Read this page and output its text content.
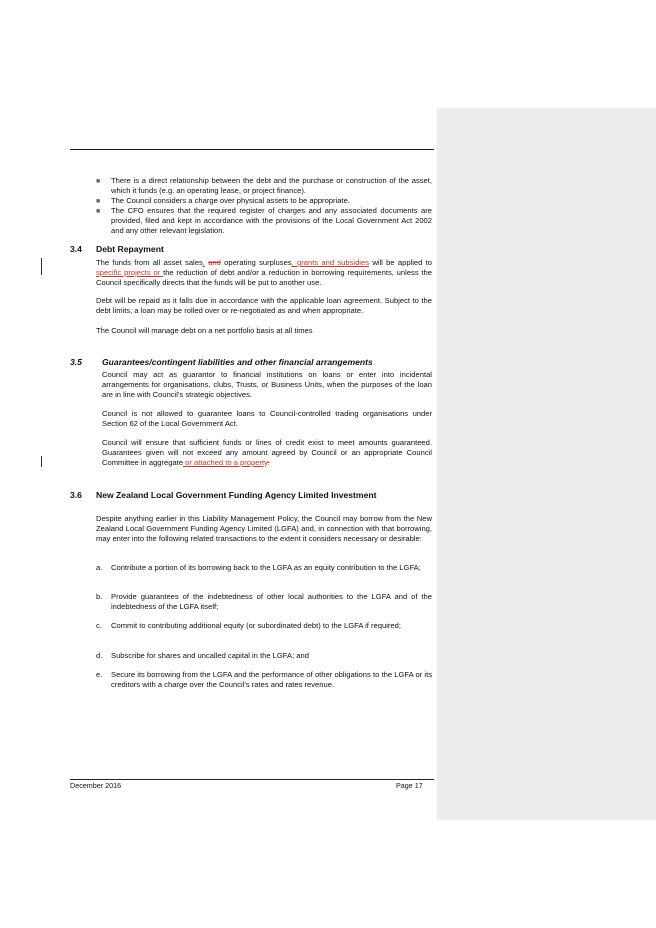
■ There is a direct relationship between the debt and the purchase or construction of the asset, which it funds (e.g. an operating lease, or project finance).
■ The Council considers a charge over physical assets to be appropriate.
■ The CFO ensures that the required register of charges and any associated documents are provided, filed and kept in accordance with the provisions of the Local Government Act 2002 and any other relevant legislation.
3.4 Debt Repayment
The funds from all asset sales, and operating surpluses, grants and subsidies will be applied to specific projects or the reduction of debt and/or a reduction in borrowing requirements, unless the Council specifically directs that the funds will be put to another use.
Debt will be repaid as it falls due in accordance with the applicable loan agreement. Subject to the debt limits, a loan may be rolled over or re-negotiated as and when appropriate.
The Council will manage debt on a net portfolio basis at all times
3.5 Guarantees/contingent liabilities and other financial arrangements
Council may act as guarantor to financial institutions on loans or enter into incidental arrangements for organisations, clubs, Trusts, or Business Units, when the purposes of the loan are in line with Council's strategic objectives.
Council is not allowed to guarantee loans to Council-controlled trading organisations under Section 62 of the Local Government Act.
Council will ensure that sufficient funds or lines of credit exist to meet amounts guaranteed. Guarantees given will not exceed any amount agreed by Council or an appropriate Council Committee in aggregate or attached to a property.
3.6 New Zealand Local Government Funding Agency Limited Investment
Despite anything earlier in this Liability Management Policy, the Council may borrow from the New Zealand Local Government Funding Agency Limited (LGFA) and, in connection with that borrowing, may enter into the following related transactions to the extent it considers necessary or desirable:
a. Contribute a portion of its borrowing back to the LGFA as an equity contribution to the LGFA;
b. Provide guarantees of the indebtedness of other local authorities to the LGFA and of the indebtedness of the LGFA itself;
c. Commit to contributing additional equity (or subordinated debt) to the LGFA if required;
d. Subscribe for shares and uncalled capital in the LGFA; and
e. Secure its borrowing from the LGFA and the performance of other obligations to the LGFA or its creditors with a charge over the Council's rates and rates revenue.
December 2016	Page 17
